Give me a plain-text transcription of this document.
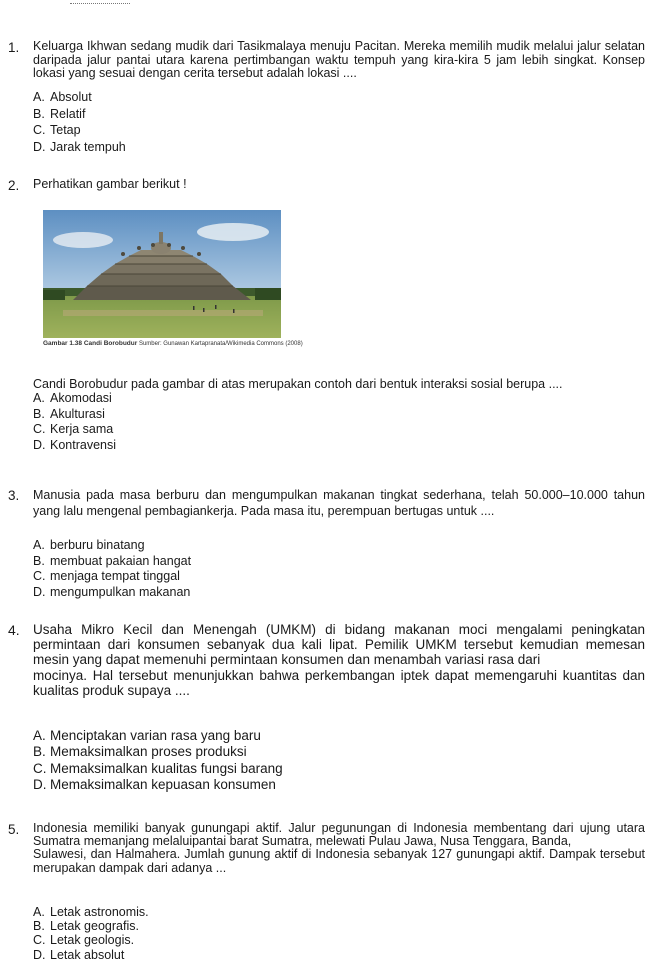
1. Keluarga Ikhwan sedang mudik dari Tasikmalaya menuju Pacitan. Mereka memilih mudik melalui jalur selatan daripada jalur pantai utara karena pertimbangan waktu tempuh yang kira-kira 5 jam lebih singkat. Konsep lokasi yang sesuai dengan cerita tersebut adalah lokasi ....

A. Absolut
B. Relatif
C. Tetap
D. Jarak tempuh
2. Perhatikan gambar berikut !

Gambar 1.38 Candi Borobudur Sumber: Gunawan Kartapranata/Wikimedia Commons (2008)

Candi Borobudur pada gambar di atas merupakan contoh dari bentuk interaksi sosial berupa ....

A. Akomodasi
B. Akulturasi
C. Kerja sama
D. Kontravensi
3. Manusia pada masa berburu dan mengumpulkan makanan tingkat sederhana, telah 50.000–10.000 tahun yang lalu mengenal pembagiankerja. Pada masa itu, perempuan bertugas untuk ....

A. berburu binatang
B. membuat pakaian hangat
C. menjaga tempat tinggal
D. mengumpulkan makanan
4. Usaha Mikro Kecil dan Menengah (UMKM) di bidang makanan moci mengalami peningkatan permintaan dari konsumen sebanyak dua kali lipat. Pemilik UMKM tersebut kemudian memesan mesin yang dapat memenuhi permintaan konsumen dan menambah variasi rasa dari

mocinya. Hal tersebut menunjukkan bahwa perkembangan iptek dapat memengaruhi kuantitas dan kualitas produk supaya ....

A. Menciptakan varian rasa yang baru
B. Memaksimalkan proses produksi
C. Memaksimalkan kualitas fungsi barang
D. Memaksimalkan kepuasan konsumen
5. Indonesia memiliki banyak gunungapi aktif. Jalur pegunungan di Indonesia membentang dari ujung utara Sumatra memanjang melaluipantai barat Sumatra, melewati Pulau Jawa, Nusa Tenggara, Banda,

Sulawesi, dan Halmahera. Jumlah gunung aktif di Indonesia sebanyak 127 gunungapi aktif. Dampak tersebut merupakan dampak dari adanya ...

A. Letak astronomis.
B. Letak geografis.
C. Letak geologis.
D. Letak absolut
